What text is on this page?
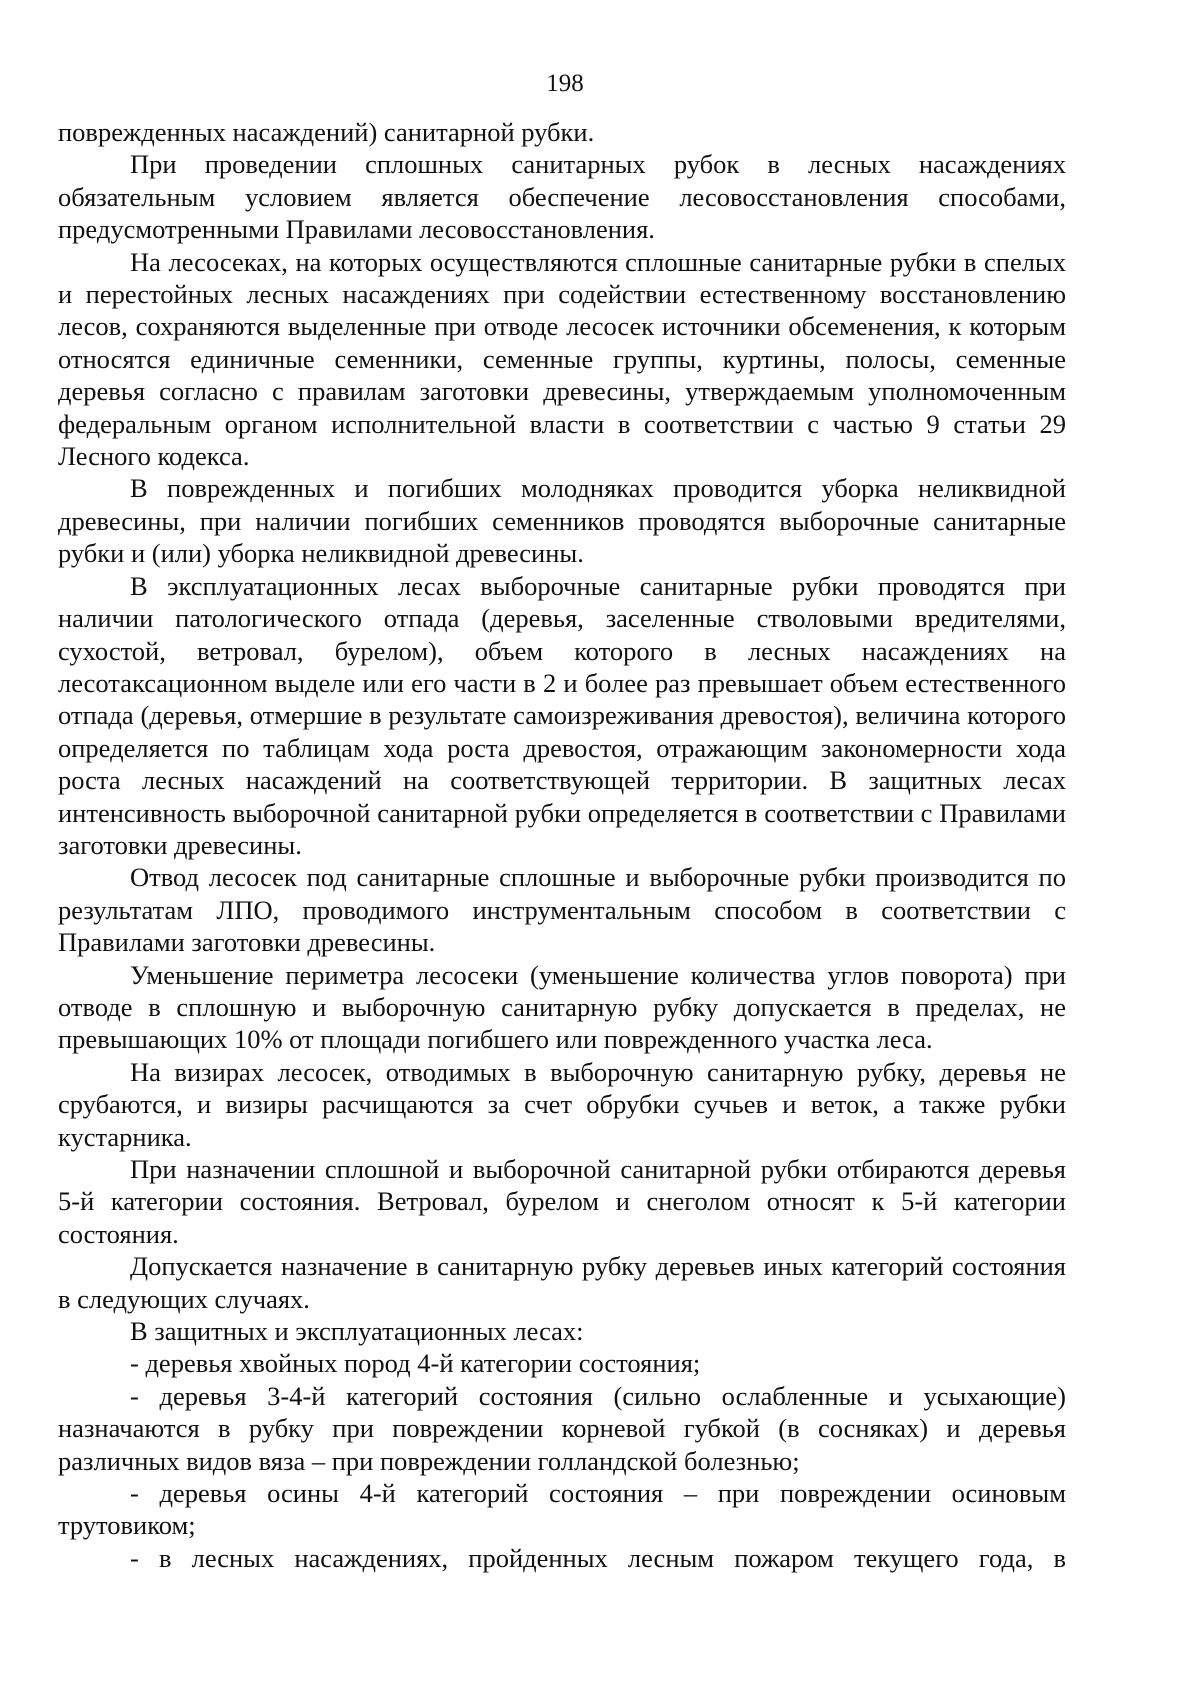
198

поврежденных насаждений) санитарной рубки.

При проведении сплошных санитарных рубок в лесных насаждениях обязательным условием является обеспечение лесовосстановления способами, предусмотренными Правилами лесовосстановления.

На лесосеках, на которых осуществляются сплошные санитарные рубки в спелых и перестойных лесных насаждениях при содействии естественному восстановлению лесов, сохраняются выделенные при отводе лесосек источники обсеменения, к которым относятся единичные семенники, семенные группы, куртины, полосы, семенные деревья согласно с правилам заготовки древесины, утверждаемым уполномоченным федеральным органом исполнительной власти в соответствии с частью 9 статьи 29 Лесного кодекса.

В поврежденных и погибших молодняках проводится уборка неликвидной древесины, при наличии погибших семенников проводятся выборочные санитарные рубки и (или) уборка неликвидной древесины.

В эксплуатационных лесах выборочные санитарные рубки проводятся при наличии патологического отпада (деревья, заселенные стволовыми вредителями, сухостой, ветровал, бурелом), объем которого в лесных насаждениях на лесотаксационном выделе или его части в 2 и более раз превышает объем естественного отпада (деревья, отмершие в результате самоизреживания древостоя), величина которого определяется по таблицам хода роста древостоя, отражающим закономерности хода роста лесных насаждений на соответствующей территории. В защитных лесах интенсивность выборочной санитарной рубки определяется в соответствии с Правилами заготовки древесины.

Отвод лесосек под санитарные сплошные и выборочные рубки производится по результатам ЛПО, проводимого инструментальным способом в соответствии с Правилами заготовки древесины.

Уменьшение периметра лесосеки (уменьшение количества углов поворота) при отводе в сплошную и выборочную санитарную рубку допускается в пределах, не превышающих 10% от площади погибшего или поврежденного участка леса.

На визирах лесосек, отводимых в выборочную санитарную рубку, деревья не срубаются, и визиры расчищаются за счет обрубки сучьев и веток, а также рубки кустарника.

При назначении сплошной и выборочной санитарной рубки отбираются деревья 5-й категории состояния. Ветровал, бурелом и снеголом относят к 5-й категории состояния.

Допускается назначение в санитарную рубку деревьев иных категорий состояния в следующих случаях.

В защитных и эксплуатационных лесах:

- деревья хвойных пород 4-й категории состояния;

- деревья 3-4-й категорий состояния (сильно ослабленные и усыхающие) назначаются в рубку при повреждении корневой губкой (в сосняках) и деревья различных видов вяза – при повреждении голландской болезнью;

- деревья осины 4-й категорий состояния – при повреждении осиновым трутовиком;

- в лесных насаждениях, пройденных лесным пожаром текущего года, в
